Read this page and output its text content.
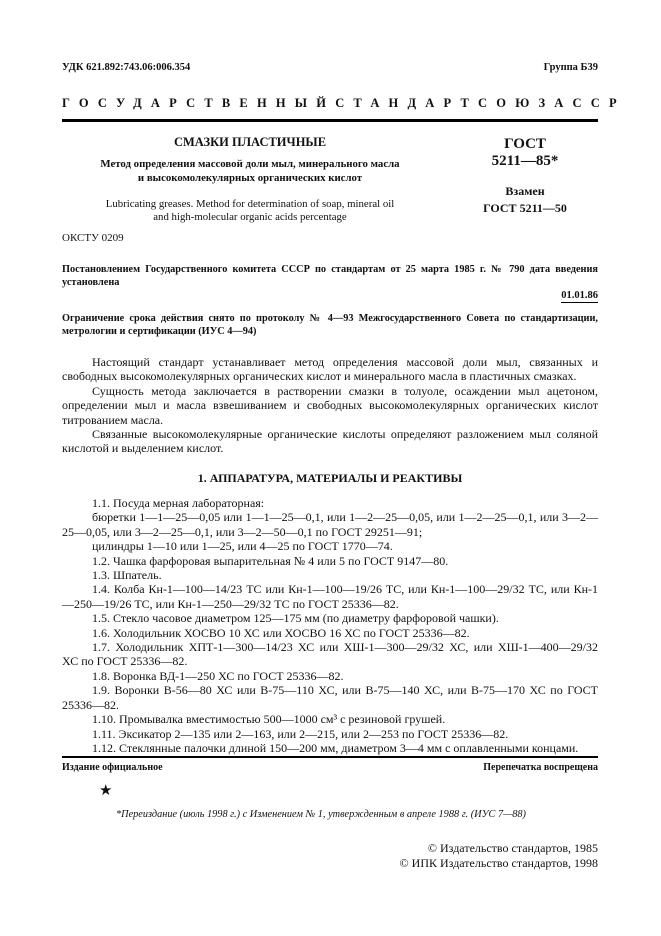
УДК 621.892:743.06:006.354	Группа Б39
ГОСУДАРСТВЕННЫЙ СТАНДАРТ СОЮЗА ССР
СМАЗКИ ПЛАСТИЧНЫЕ
Метод определения массовой доли мыл, минерального масла
и высокомолекулярных органических кислот
Lubricating greases. Method for determination of soap, mineral oil
and high-molecular organic acids percentage
ОКСТУ 0209
ГОСТ
5211—85*
Взамен
ГОСТ 5211—50
Постановлением Государственного комитета СССР по стандартам от 25 марта 1985 г. № 790 дата введения установлена
01.01.86
Ограничение срока действия снято по протоколу № 4—93 Межгосударственного Совета по стандартизации, метрологии и сертификации (ИУС 4—94)

Настоящий стандарт устанавливает метод определения массовой доли мыл, связанных и свободных высокомолекулярных органических кислот и минерального масла в пластичных смазках.

Сущность метода заключается в растворении смазки в толуоле, осаждении мыл ацетоном, определении мыл и масла взвешиванием и свободных высокомолекулярных органических кислот титрованием масла.

Связанные высокомолекулярные органические кислоты определяют разложением мыл соляной кислотой и выделением кислот.

1. АППАРАТУРА, МАТЕРИАЛЫ И РЕАКТИВЫ

1.1. Посуда мерная лабораторная:

бюретки 1—1—25—0,05 или 1—1—25—0,1, или 1—2—25—0,05, или 1—2—25—0,1, или 3—2—25—0,05, или 3—2—25—0,1, или 3—2—50—0,1 по ГОСТ 29251—91;

цилиндры 1—10 или 1—25, или 4—25 по ГОСТ 1770—74.

1.2. Чашка фарфоровая выпарительная № 4 или 5 по ГОСТ 9147—80.

1.3. Шпатель.

1.4. Колба Кн-1—100—14/23 ТС или Кн-1—100—19/26 ТС, или Кн-1—100—29/32 ТС, или Кн-1—250—19/26 ТС, или Кн-1—250—29/32 ТС по ГОСТ 25336—82.

1.5. Стекло часовое диаметром 125—175 мм (по диаметру фарфоровой чашки).

1.6. Холодильник ХОСВО 10 ХС или ХОСВО 16 ХС по ГОСТ 25336—82.

1.7. Холодильник ХПТ-1—300—14/23 ХС или ХШ-1—300—29/32 ХС, или ХШ-1—400—29/32 ХС по ГОСТ 25336—82.

1.8. Воронка ВД-1—250 ХС по ГОСТ 25336—82.

1.9. Воронки В-56—80 ХС или В-75—110 ХС, или В-75—140 ХС, или В-75—170 ХС по ГОСТ 25336—82.

1.10. Промывалка вместимостью 500—1000 см³ с резиновой грушей.

1.11. Эксикатор 2—135 или 2—163, или 2—215, или 2—253 по ГОСТ 25336—82.

1.12. Стеклянные палочки длиной 150—200 мм, диаметром 3—4 мм с оплавленными концами.

Издание официальное	Перепечатка воспрещена
★
*Переиздание (июль 1998 г.) с Изменением № 1, утвержденным в апреле 1988 г. (ИУС 7—88)
© Издательство стандартов, 1985
© ИПК Издательство стандартов, 1998
